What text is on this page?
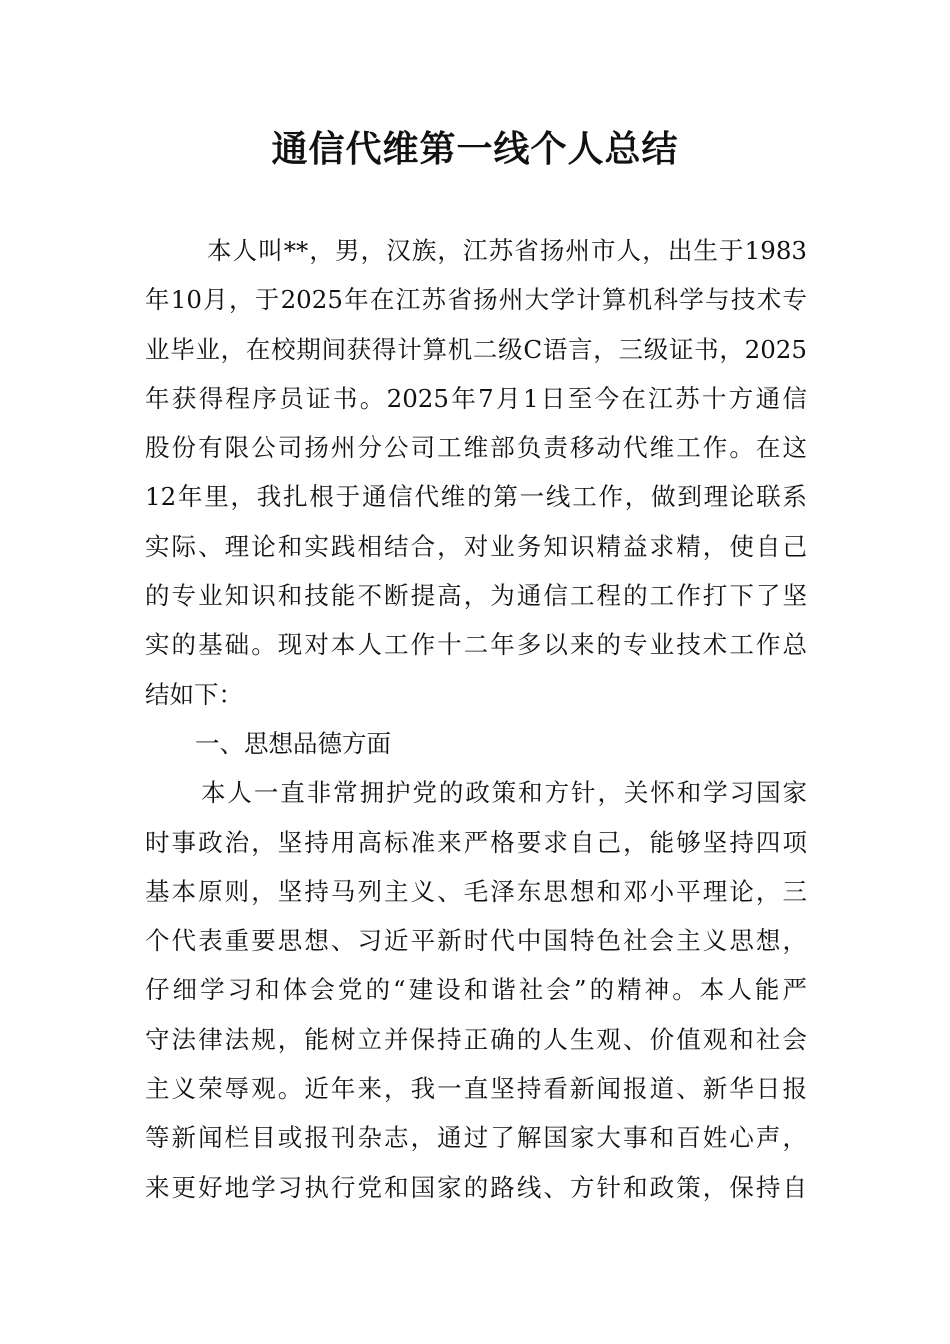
通信代维第一线个人总结
本人叫**，男，汉族，江苏省扬州市人，出生于1983
年10月，于2025年在江苏省扬州大学计算机科学与技术专
业毕业，在校期间获得计算机二级C语言，三级证书，2025
年获得程序员证书。2025年7月1日至今在江苏十方通信
股份有限公司扬州分公司工维部负责移动代维工作。在这
12年里，我扎根于通信代维的第一线工作，做到理论联系
实际、理论和实践相结合，对业务知识精益求精，使自己
的专业知识和技能不断提高，为通信工程的工作打下了坚
实的基础。现对本人工作十二年多以来的专业技术工作总
结如下：
一、思想品德方面
本人一直非常拥护党的政策和方针，关怀和学习国家
时事政治，坚持用高标准来严格要求自己，能够坚持四项
基本原则，坚持马列主义、毛泽东思想和邓小平理论，三
个代表重要思想、习近平新时代中国特色社会主义思想，
仔细学习和体会党的“建设和谐社会”的精神。本人能严
守法律法规，能树立并保持正确的人生观、价值观和社会
主义荣辱观。近年来，我一直坚持看新闻报道、新华日报
等新闻栏目或报刊杂志，通过了解国家大事和百姓心声，
来更好地学习执行党和国家的路线、方针和政策，保持自
